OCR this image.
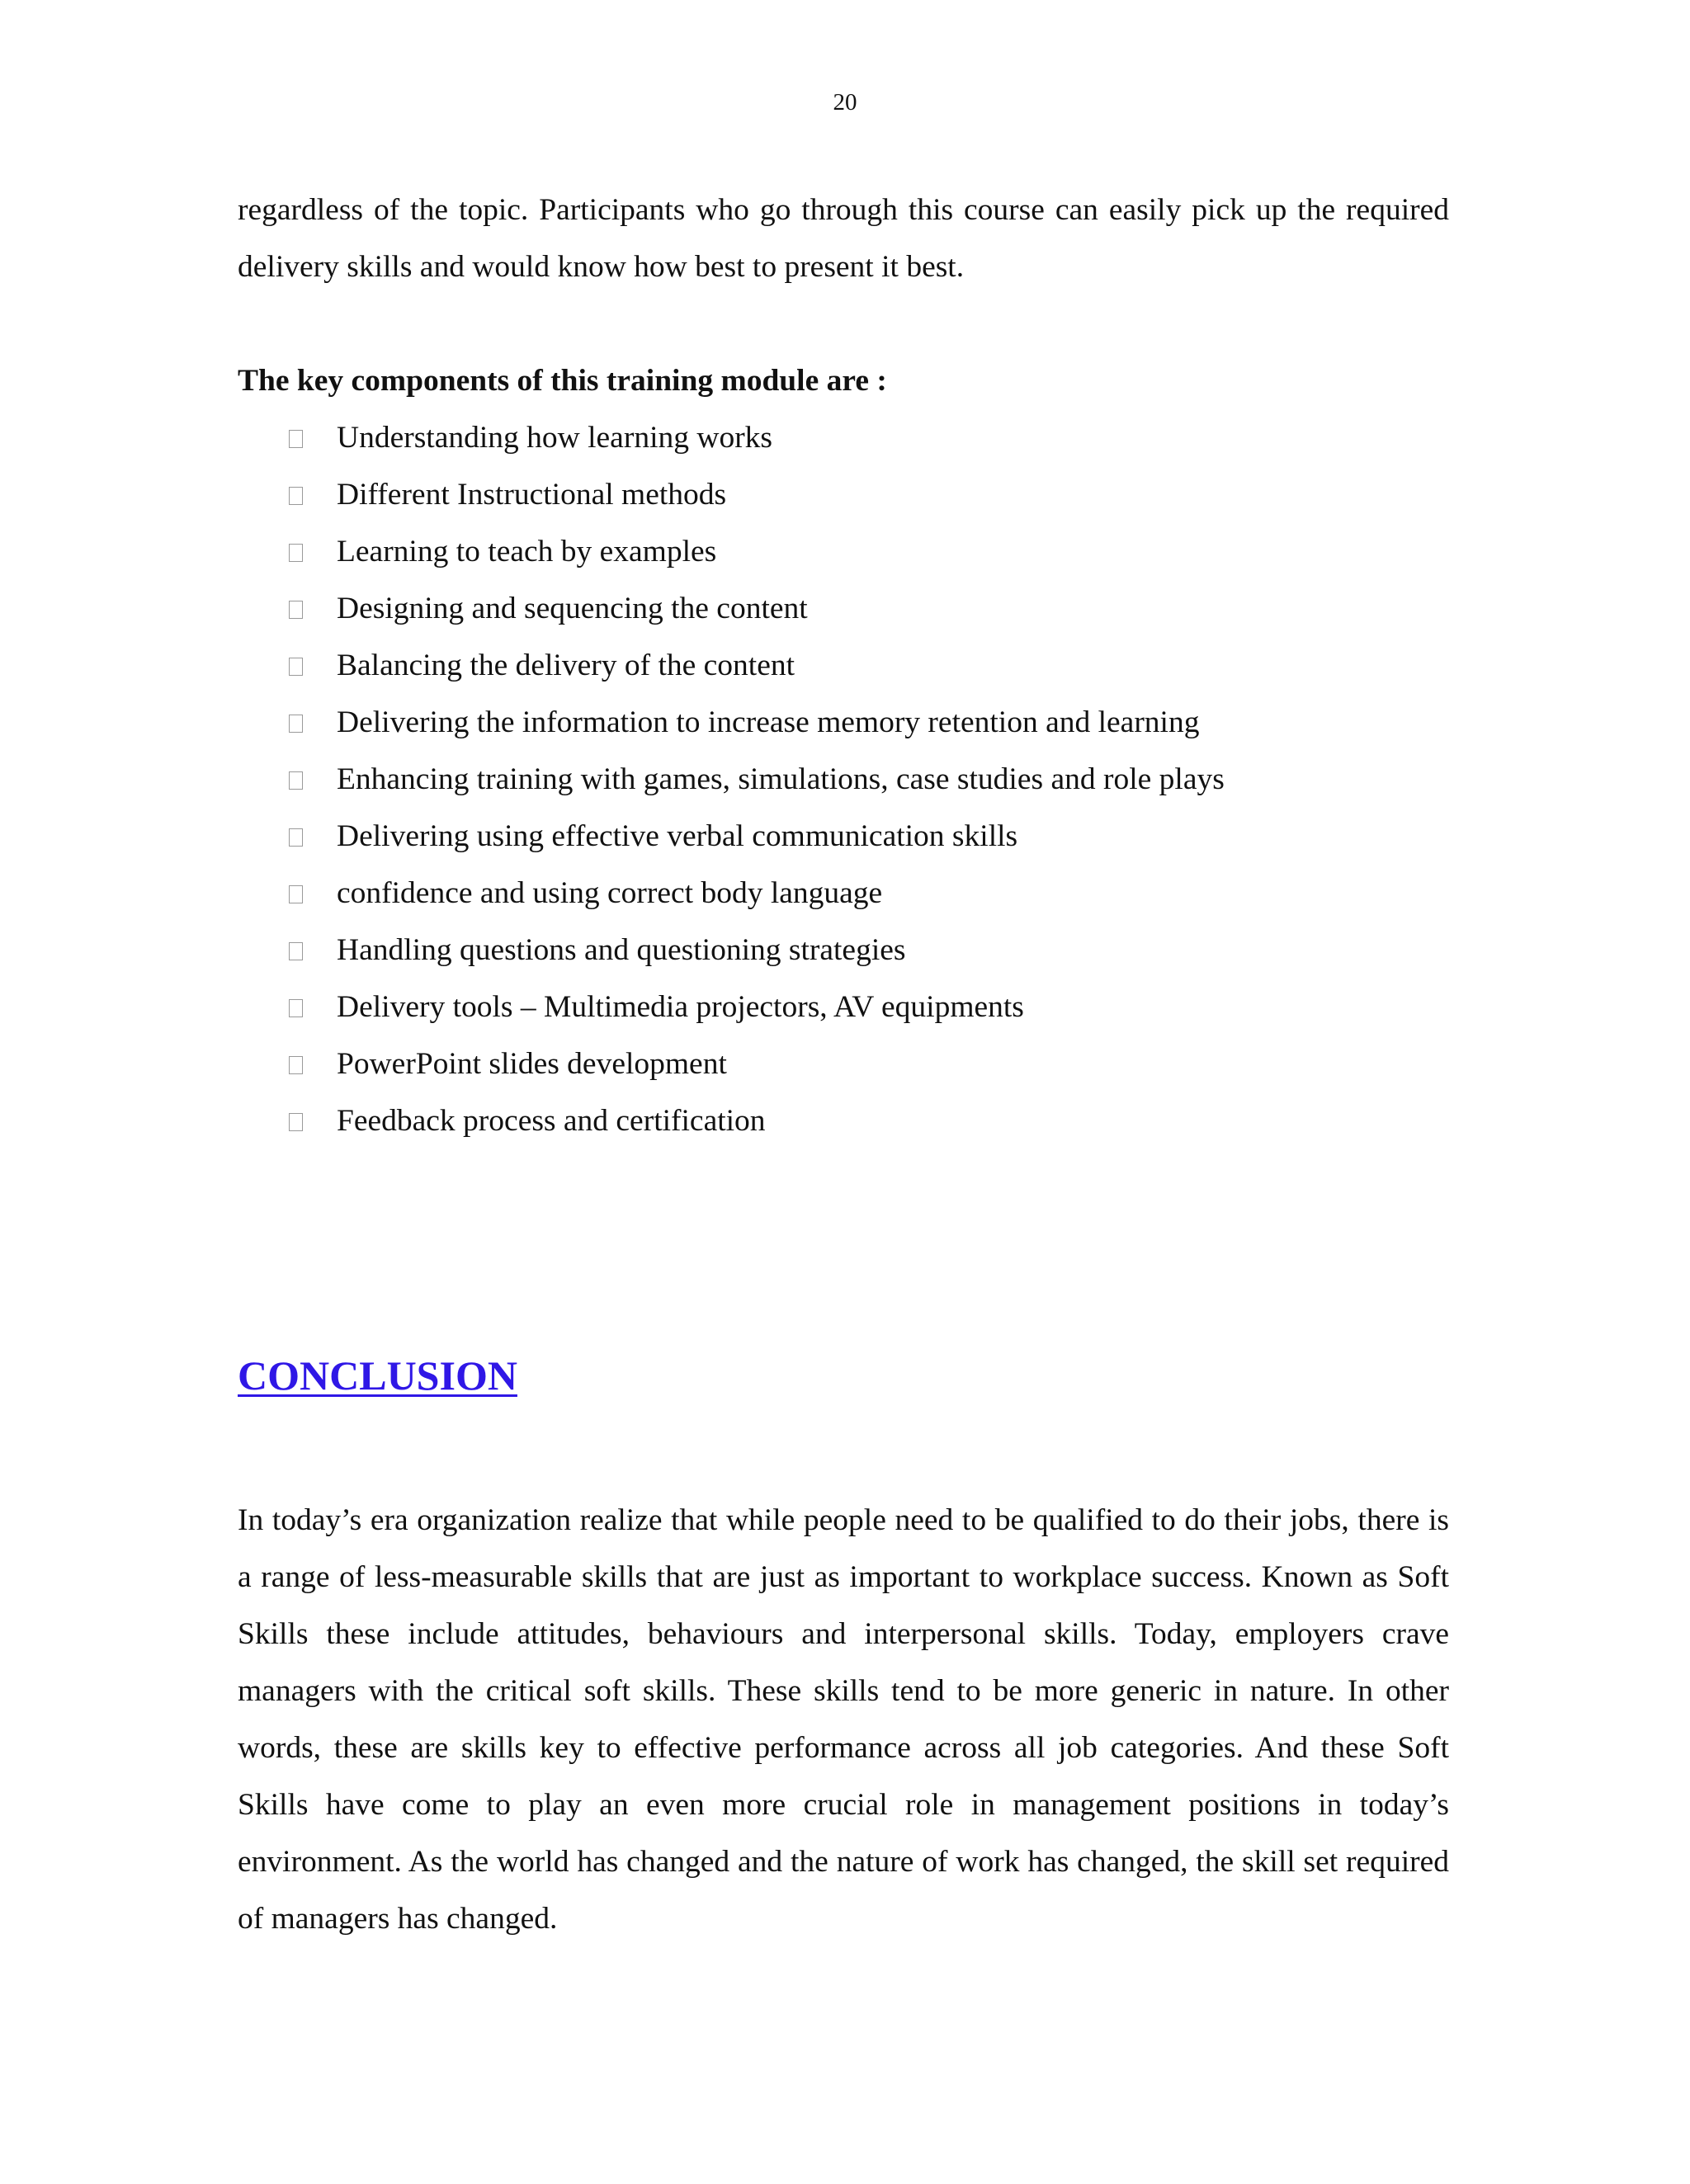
20

regardless of the topic. Participants who go through this course can easily pick up the required delivery skills and would know how best to present it best.

The key components of this training module are :

Understanding how learning works
Different Instructional methods
Learning to teach by examples
Designing and sequencing the content
Balancing the delivery of the content
Delivering the information to increase memory retention and learning
Enhancing training with games, simulations, case studies and role plays
Delivering using effective verbal communication skills
confidence and using correct body language
Handling questions and questioning strategies
Delivery tools – Multimedia projectors, AV equipments
PowerPoint slides development
Feedback process and certification
CONCLUSION

In today’s era organization realize that while people need to be qualified to do their jobs, there is a range of less-measurable skills that are just as important to workplace success. Known as Soft Skills these include attitudes, behaviours and interpersonal skills. Today, employers crave managers with the critical soft skills. These skills tend to be more generic in nature. In other words, these are skills key to effective performance across all job categories. And these Soft Skills have come to play an even more crucial role in management positions in today’s environment. As the world has changed and the nature of work has changed, the skill set required of managers has changed.
